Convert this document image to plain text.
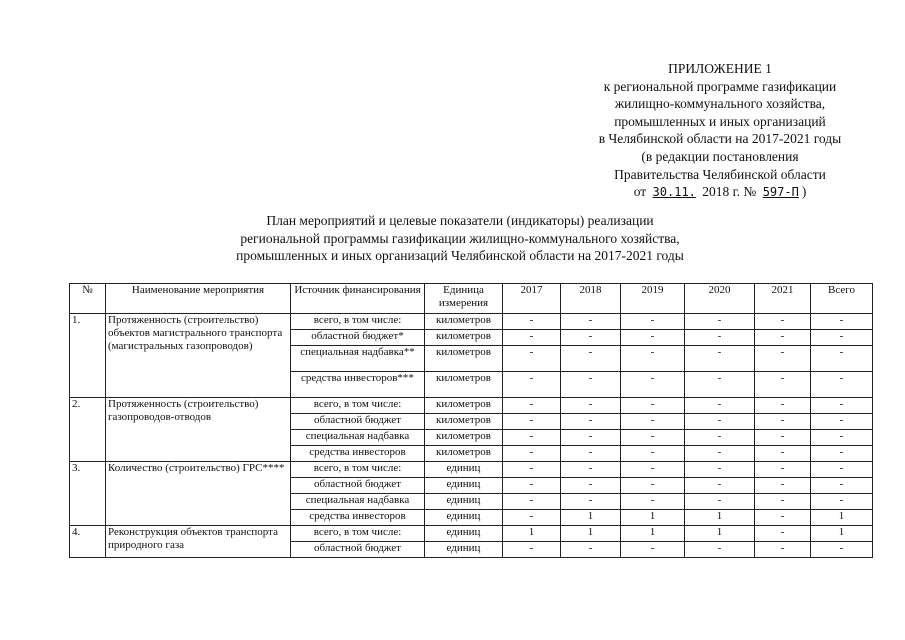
ПРИЛОЖЕНИЕ 1
к региональной программе газификации
жилищно-коммунального хозяйства,
промышленных и иных организаций
в Челябинской области на 2017-2021 годы
(в редакции постановления
Правительства Челябинской области
от 30.11. 2018 г. № 597-П )
План мероприятий и целевые показатели (индикаторы) реализации
региональной программы газификации жилищно-коммунального хозяйства,
промышленных и иных организаций Челябинской области на 2017-2021 годы
№	Наименование мероприятия	Источник финансирования	Единица измерения	2017	2018	2019	2020	2021	Всего
1.	Протяженность (строительство) объектов магистрального транспорта (магистральных газопроводов)	всего, в том числе:	километров	-	-	-	-	-	-
		областной бюджет*	километров	-	-	-	-	-	-
		специальная надбавка**	километров	-	-	-	-	-	-
		средства инвесторов***	километров	-	-	-	-	-	-
2.	Протяженность (строительство) газопроводов-отводов	всего, в том числе:	километров	-	-	-	-	-	-
		областной бюджет	километров	-	-	-	-	-	-
		специальная надбавка	километров	-	-	-	-	-	-
		средства инвесторов	километров	-	-	-	-	-	-
3.	Количество (строительство) ГРС****	всего, в том числе:	единиц	-	-	-	-	-	-
		областной бюджет	единиц	-	-	-	-	-	-
		специальная надбавка	единиц	-	-	-	-	-	-
		средства инвесторов	единиц	-	1	1	1	-	1
4.	Реконструкция объектов транспорта природного газа	всего, в том числе:	единиц	1	1	1	1	-	1
		областной бюджет	единиц	-	-	-	-	-	-
